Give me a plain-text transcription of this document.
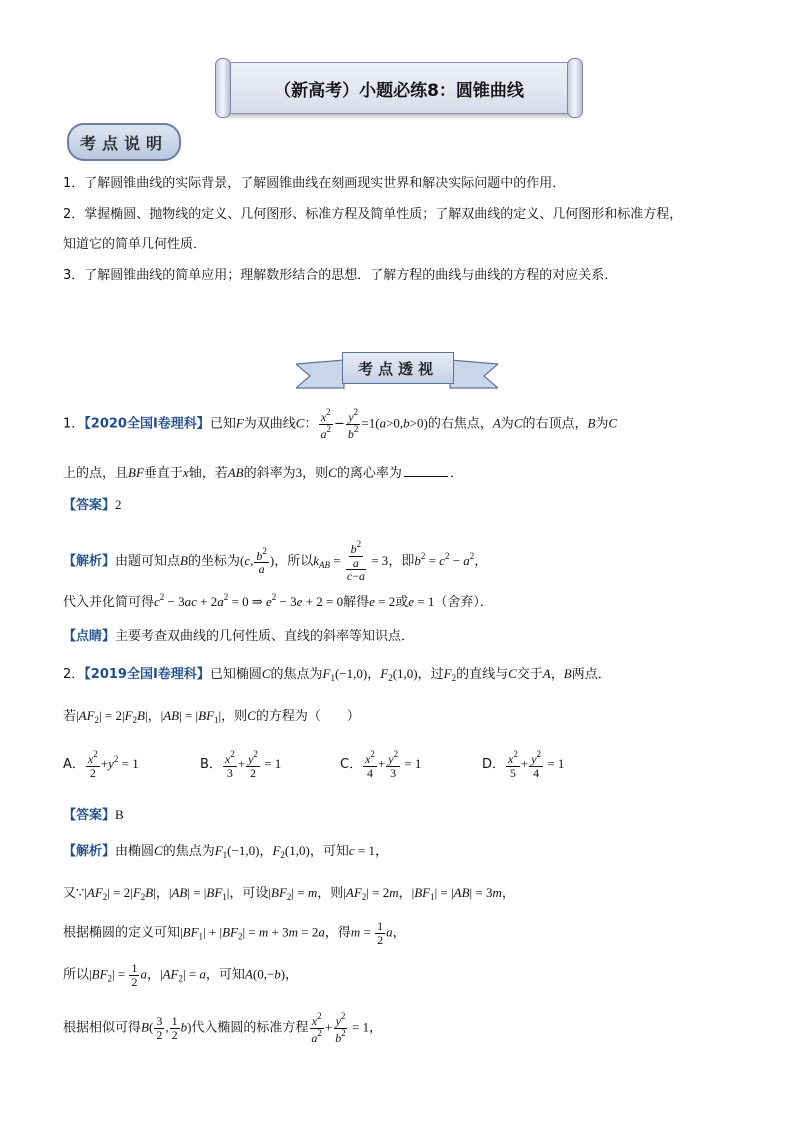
（新高考）小题必练8：圆锥曲线
考点说明
1．了解圆锥曲线的实际背景，了解圆锥曲线在刻画现实世界和解决实际问题中的作用．
2．掌握椭圆、抛物线的定义、几何图形、标准方程及简单性质；了解双曲线的定义、几何图形和标准方程，
知道它的简单几何性质．
3．了解圆锥曲线的简单应用；理解数形结合的思想．了解方程的曲线与曲线的方程的对应关系．
考点透视
1．【2020全国Ⅰ卷理科】已知F为双曲线C： $\frac{x^2}{a^2} - \frac{y^2}{b^2} =1(a>0,b>0)$的右焦点，A为C的右顶点，B为C
上的点，且BF垂直于x轴，若AB的斜率为3，则C的离心率为	．
【答案】2
【解析】由题可知点B的坐标为(c, $\frac{b^2}{a}$ )，所以$k_{AB} = \frac{\frac{b^2}{a}}{c-a} = 3$，即$b^2 = c^2 - a^2$，
代入并化简可得$c^2 - 3ac + 2a^2 = 0$ ⇒ $e^2 - 3e + 2 = 0$解得e = 2或e = 1（舍弃）．
【点睛】主要考查双曲线的几何性质、直线的斜率等知识点．
2．【2019全国Ⅰ卷理科】已知椭圆C的焦点为$F_1(-1,0)$，$F_2(1,0)$，过$F_2$的直线与C交于A，B两点．
若$|AF_2| = 2|F_2B|$，$|AB| = |BF_1|$，则C的方程为（　　）
A． $\frac{x^2}{2} +y^2 = 1$	B． $\frac{x^2}{3} + \frac{y^2}{2} = 1$	C． $\frac{x^2}{4} + \frac{y^2}{3} = 1$	D． $\frac{x^2}{5} + \frac{y^2}{4} = 1$
【答案】B
【解析】由椭圆C的焦点为$F_1(-1,0)$，$F_2(1,0)$，可知c = 1，
又$\because|AF_2| = 2|F_2B|$，$|AB| = |BF_1|$，可设$|BF_2| = m$，则$|AF_2| = 2m$，$|BF_1| = |AB| = 3m$，
根据椭圆的定义可知$|BF_1| + |BF_2| = m + 3m = 2a$，得$m = \frac{1}{2}$ a，
所以$|BF_2| = \frac{1}{2}$ a，$|AF_2| = a$，可知A(0,−b)，
根据相似可得$B( \frac{3}{2}$ , $\frac{1}{2} b$)代入椭圆的标准方程 $\frac{x^2}{a^2} + \frac{y^2}{b^2} = 1$，
